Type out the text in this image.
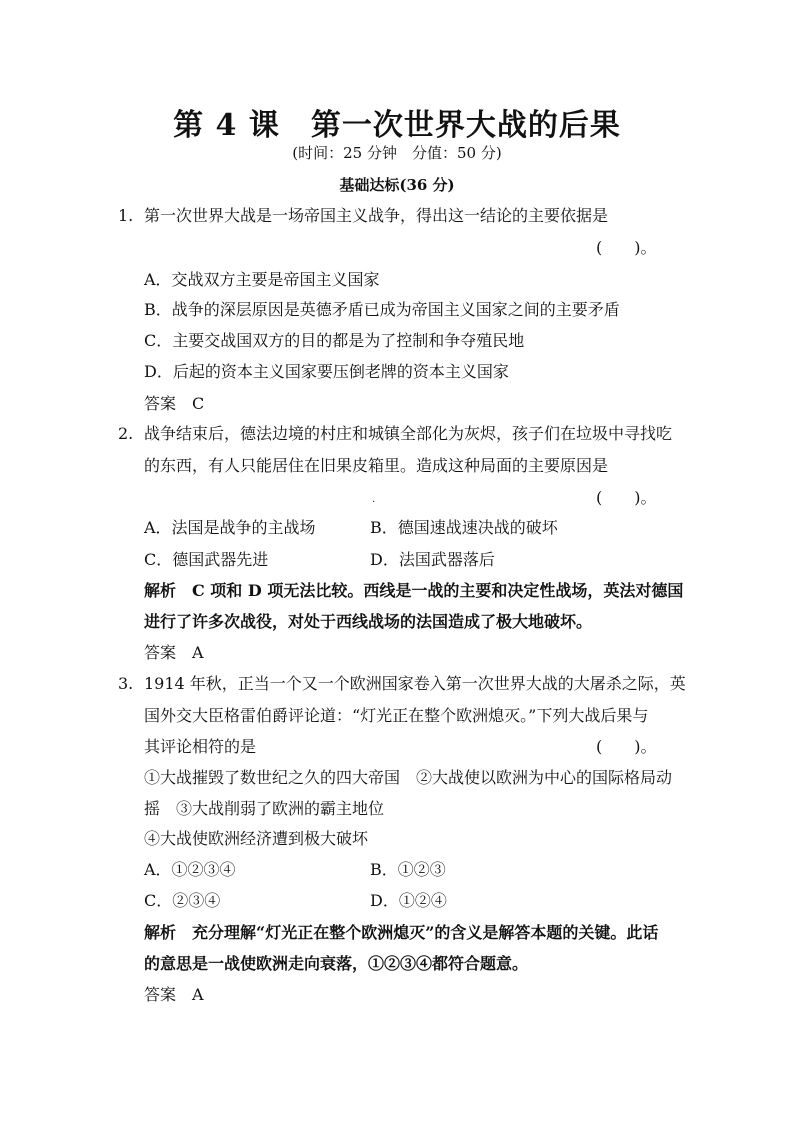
第 4 课　第一次世界大战的后果
(时间：25 分钟　分值：50 分)
基础达标(36 分)
1. 第一次世界大战是一场帝国主义战争，得出这一结论的主要依据是
(　　)。
A．交战双方主要是帝国主义国家
B．战争的深层原因是英德矛盾已成为帝国主义国家之间的主要矛盾
C．主要交战国双方的目的都是为了控制和争夺殖民地
D．后起的资本主义国家要压倒老牌的资本主义国家
答案 C
2. 战争结束后，德法边境的村庄和城镇全部化为灰烬，孩子们在垃圾中寻找吃
的东西，有人只能居住在旧果皮箱里。造成这种局面的主要原因是
.	(　　)。
A．法国是战争的主战场	B．德国速战速决战的破坏
C．德国武器先进	D．法国武器落后
解析 C 项和 D 项无法比较。西线是一战的主要和决定性战场，英法对德国
进行了许多次战役，对处于西线战场的法国造成了极大地破坏。
答案 A
3. 1914 年秋，正当一个又一个欧洲国家卷入第一次世界大战的大屠杀之际，英
国外交大臣格雷伯爵评论道：“灯光正在整个欧洲熄灭。”下列大战后果与
其评论相符的是	(　　)。
①大战摧毁了数世纪之久的四大帝国　②大战使以欧洲为中心的国际格局动
摇　③大战削弱了欧洲的霸主地位
④大战使欧洲经济遭到极大破坏
A．①②③④	B．①②③
C．②③④	D．①②④
解析 充分理解“灯光正在整个欧洲熄灭”的含义是解答本题的关键。此话
的意思是一战使欧洲走向衰落，①②③④都符合题意。
答案 A
